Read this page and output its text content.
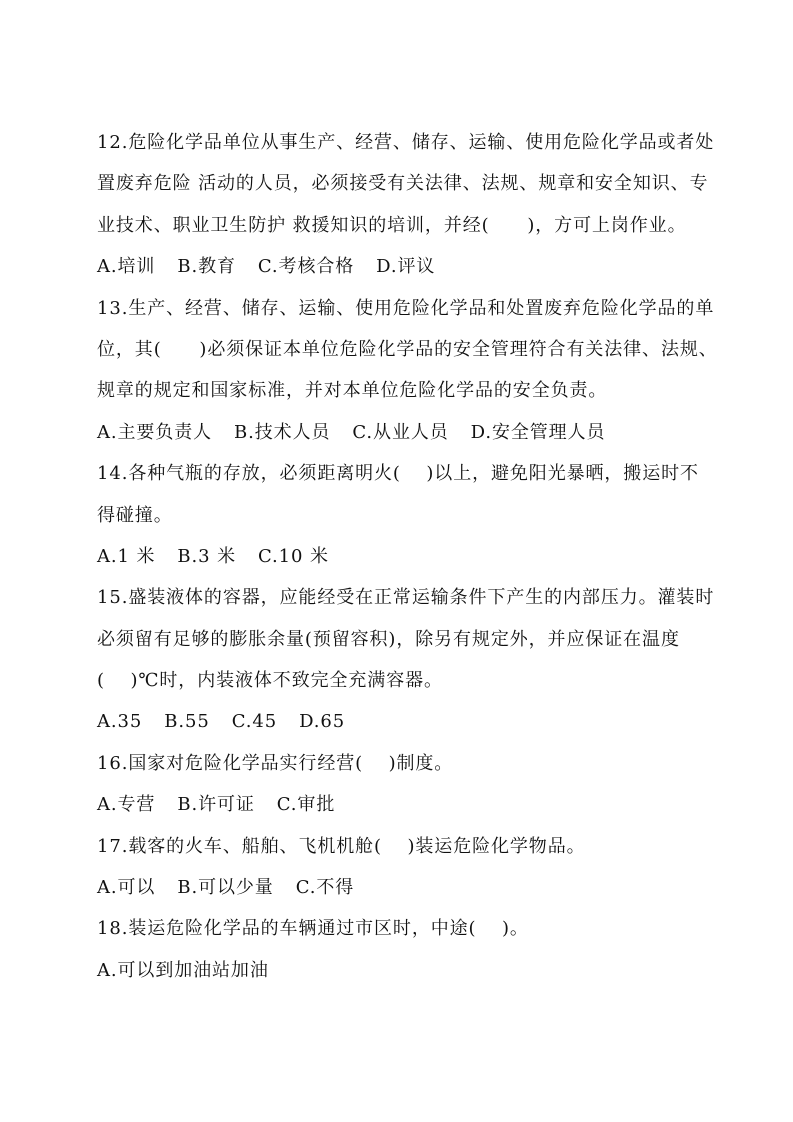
12.危险化学品单位从事生产、经营、储存、运输、使用危险化学品或者处
置废弃危险 活动的人员，必须接受有关法律、法规、规章和安全知识、专
业技术、职业卫生防护 救援知识的培训，并经(　　)，方可上岗作业。
A.培训 B.教育 C.考核合格 D.评议
13.生产、经营、储存、运输、使用危险化学品和处置废弃危险化学品的单
位，其(　　)必须保证本单位危险化学品的安全管理符合有关法律、法规、
规章的规定和国家标准，并对本单位危险化学品的安全负责。
A.主要负责人 B.技术人员 C.从业人员 D.安全管理人员
14.各种气瓶的存放，必须距离明火(　 )以上，避免阳光暴晒，搬运时不
得碰撞。
A.1 米 B.3 米 C.10 米
15.盛装液体的容器，应能经受在正常运输条件下产生的内部压力。灌装时
必须留有足够的膨胀余量(预留容积)，除另有规定外，并应保证在温度
(　 )℃时，内装液体不致完全充满容器。
A.35 B.55 C.45 D.65
16.国家对危险化学品实行经营(　 )制度。
A.专营 B.许可证 C.审批
17.载客的火车、船舶、飞机机舱(　 )装运危险化学物品。
A.可以 B.可以少量 C.不得
18.装运危险化学品的车辆通过市区时，中途(　 )。
A.可以到加油站加油
